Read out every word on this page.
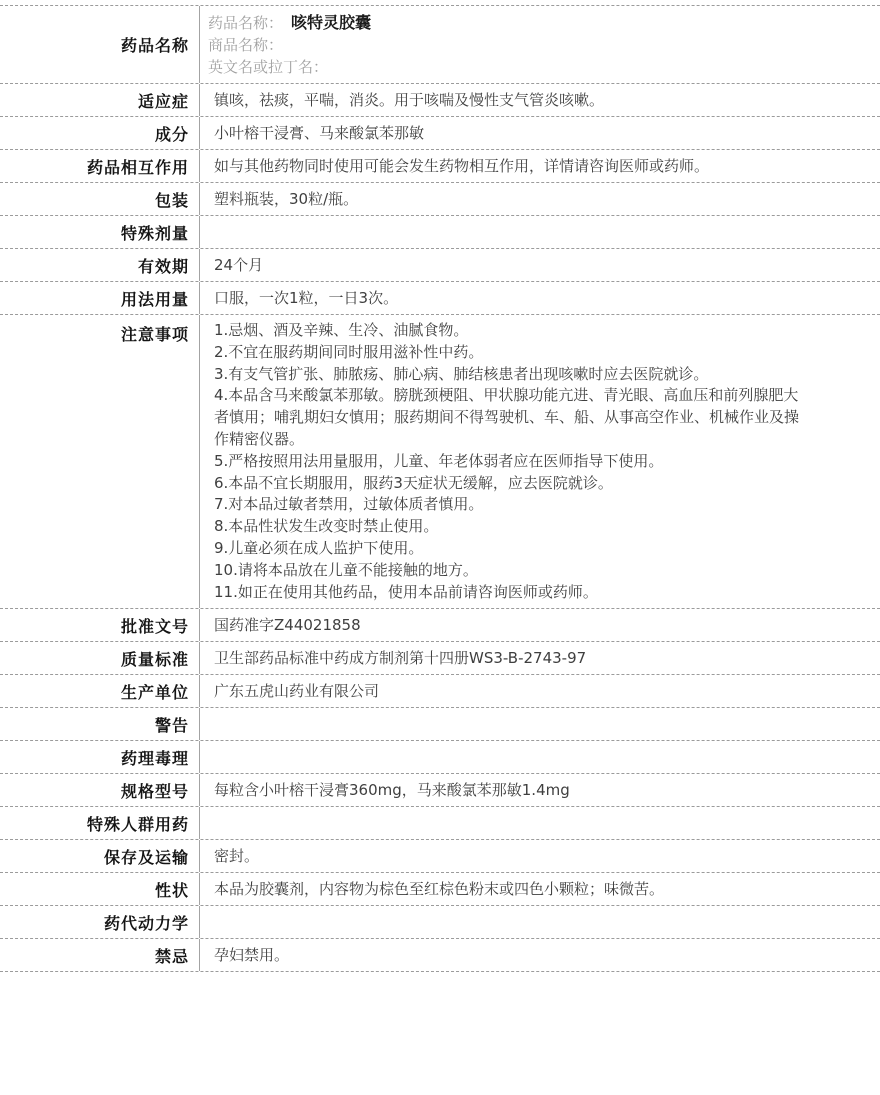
药品名称
药品名称： 咳特灵胶囊
商品名称：
英文名或拉丁名：
适应症	镇咳，祛痰，平喘，消炎。用于咳喘及慢性支气管炎咳嗽。
成分	小叶榕干浸膏、马来酸氯苯那敏
药品相互作用	如与其他药物同时使用可能会发生药物相互作用，详情请咨询医师或药师。
包装	塑料瓶装，30粒/瓶。
特殊剂量
有效期	24个月
用法用量	口服，一次1粒，一日3次。
注意事项	1.忌烟、酒及辛辣、生冷、油腻食物。
2.不宜在服药期间同时服用滋补性中药。
3.有支气管扩张、肺脓疡、肺心病、肺结核患者出现咳嗽时应去医院就诊。
4.本品含马来酸氯苯那敏。膀胱颈梗阻、甲状腺功能亢进、青光眼、高血压和前列腺肥大者慎用；哺乳期妇女慎用；服药期间不得驾驶机、车、船、从事高空作业、机械作业及操作精密仪器。
5.严格按照用法用量服用，儿童、年老体弱者应在医师指导下使用。
6.本品不宜长期服用，服药3天症状无缓解，应去医院就诊。
7.对本品过敏者禁用，过敏体质者慎用。
8.本品性状发生改变时禁止使用。
9.儿童必须在成人监护下使用。
10.请将本品放在儿童不能接触的地方。
11.如正在使用其他药品，使用本品前请咨询医师或药师。
批准文号	国药准字Z44021858
质量标准	卫生部药品标准中药成方制剂第十四册WS3-B-2743-97
生产单位	广东五虎山药业有限公司
警告
药理毒理
规格型号	每粒含小叶榕干浸膏360mg，马来酸氯苯那敏1.4mg
特殊人群用药
保存及运输	密封。
性状	本品为胶囊剂，内容物为棕色至红棕色粉末或四色小颗粒；味微苦。
药代动力学
禁忌	孕妇禁用。
